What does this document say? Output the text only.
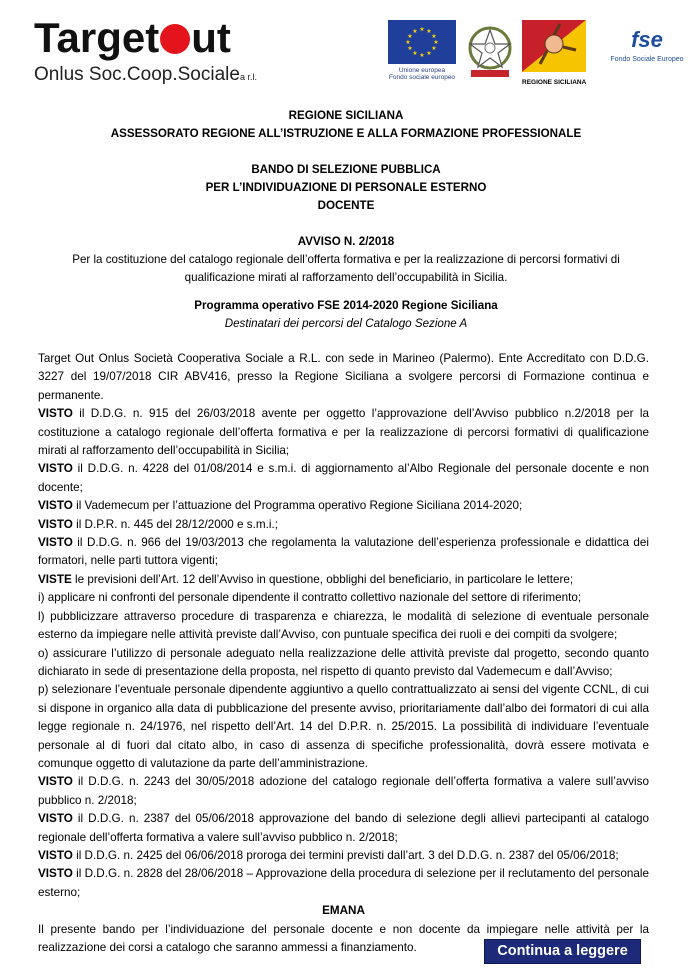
Target ut
Onlus Soc.Coop.Socialea r.l.
★ ★
★
★
★
★
★
★
★
★
★
★
Unione europea
Fondo sociale europeo
REGIONE SICILIANA
fse
Fondo Sociale Europeo
REGIONE SICILIANA
ASSESSORATO REGIONE ALL’ISTRUZIONE E ALLA FORMAZIONE PROFESSIONALE
BANDO DI SELEZIONE PUBBLICA
PER L’INDIVIDUAZIONE DI PERSONALE ESTERNO
DOCENTE
AVVISO N. 2/2018
Per la costituzione del catalogo regionale dell’offerta formativa e per la realizzazione di percorsi formativi di
qualificazione mirati al rafforzamento dell’occupabilità in Sicilia.
Programma operativo FSE 2014-2020 Regione Siciliana
Destinatari dei percorsi del Catalogo Sezione A

Target Out Onlus Società Cooperativa Sociale a R.L. con sede in Marineo (Palermo). Ente Accreditato con D.D.G. 3227 del 19/07/2018 CIR ABV416, presso la Regione Siciliana a svolgere percorsi di Formazione continua e permanente.

VISTO il D.D.G. n. 915 del 26/03/2018 avente per oggetto l’approvazione dell’Avviso pubblico n.2/2018 per la costituzione a catalogo regionale dell’offerta formativa e per la realizzazione di percorsi formativi di qualificazione mirati al rafforzamento dell’occupabilità in Sicilia;

VISTO il D.D.G. n. 4228 del 01/08/2014 e s.m.i. di aggiornamento al’Albo Regionale del personale docente e non docente;

VISTO il Vademecum per l’attuazione del Programma operativo Regione Siciliana 2014-2020;

VISTO il D.P.R. n. 445 del 28/12/2000 e s.m.i.;

VISTO il D.D.G. n. 966 del 19/03/2013 che regolamenta la valutazione dell’esperienza professionale e didattica dei formatori, nelle parti tuttora vigenti;

VISTE le previsioni dell’Art. 12 dell’Avviso in questione, obblighi del beneficiario, in particolare le lettere;

i) applicare ni confronti del personale dipendente il contratto collettivo nazionale del settore di riferimento;

l) pubblicizzare attraverso procedure di trasparenza e chiarezza, le modalità di selezione di eventuale personale esterno da impiegare nelle attività previste dall’Avviso, con puntuale specifica dei ruoli e dei compiti da svolgere;

o) assicurare l’utilizzo di personale adeguato nella realizzazione delle attività previste dal progetto, secondo quanto dichiarato in sede di presentazione della proposta, nel rispetto di quanto previsto dal Vademecum e dall’Avviso;

p) selezionare l’eventuale personale dipendente aggiuntivo a quello contrattualizzato ai sensi del vigente CCNL, di cui si dispone in organico alla data di pubblicazione del presente avviso, prioritariamente dall’albo dei formatori di cui alla legge regionale n. 24/1976, nel rispetto dell’Art. 14 del D.P.R. n. 25/2015. La possibilità di individuare l’eventuale personale al di fuori dal citato albo, in caso di assenza di specifiche professionalità, dovrà essere motivata e comunque oggetto di valutazione da parte dell’amministrazione.

VISTO il D.D.G. n. 2243 del 30/05/2018 adozione del catalogo regionale dell’offerta formativa a valere sull’avviso pubblico n. 2/2018;

VISTO il D.D.G. n. 2387 del 05/06/2018 approvazione del bando di selezione degli allievi partecipanti al catalogo regionale dell’offerta formativa a valere sull’avviso pubblico n. 2/2018;

VISTO il D.D.G. n. 2425 del 06/06/2018 proroga dei termini previsti dall’art. 3 del D.D.G. n. 2387 del 05/06/2018;

VISTO il D.D.G. n. 2828 del 28/06/2018 – Approvazione della procedura di selezione per il reclutamento del personale esterno;

EMANA

Il presente bando per l’individuazione del personale docente e non docente da impiegare nelle attività per la realizzazione dei corsi a catalogo che saranno ammessi a finanziamento.	Continua a leggere
